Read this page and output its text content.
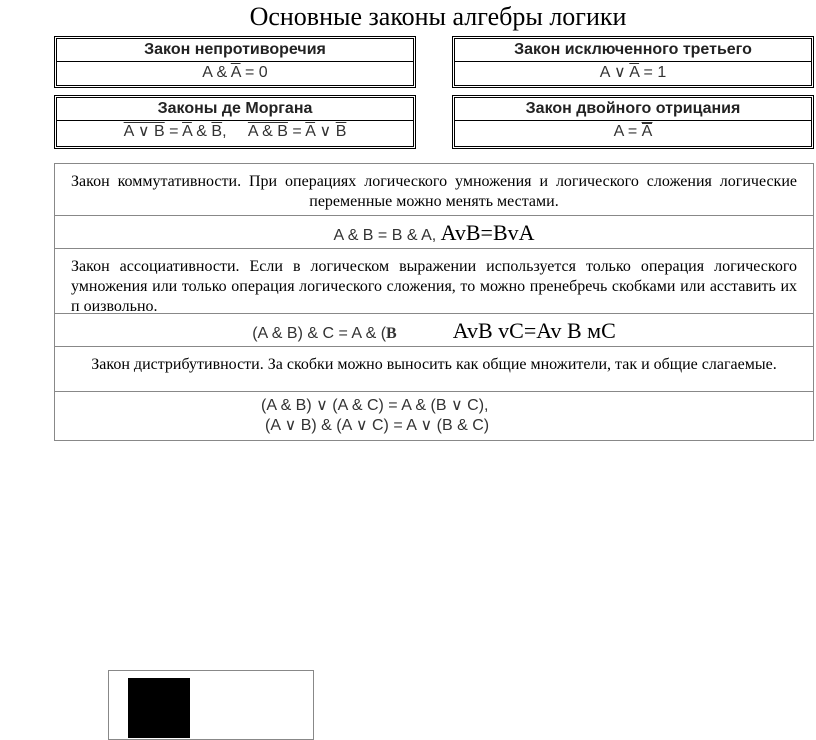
Основные законы алгебры логики
Закон непротиворечия
A & $\overline{A} = 0$
Закон исключенного третьего
A ∨ $\overline{A} = 1$
Законы де Моргана
A ∨ $B = \overline{A}$ & $\overline{B}$, A & $B = \overline{A}$ ∨ $\overline{B}$
Закон двойного отрицания
A = A
Закон коммутативности. При операциях логического умножения и логического сложения логические переменные можно менять местами.
A & B = B & A, AvB=BvA
Закон ассоциативности. Если в логическом выражении используется только операция логического умножения или только операция логического сложения, то можно пренебречь скобками или асставить их п оизвольно.
(A & B) & C = A & (B	AvB vC=Av B мC
Закон дистрибутивности. За скобки можно выносить как общие множители, так и общие слагаемые.
(A & B) ∨ (A & C) = A & (B ∨ C),
(A ∨ B) & (A ∨ C) = A ∨ (B & C)
